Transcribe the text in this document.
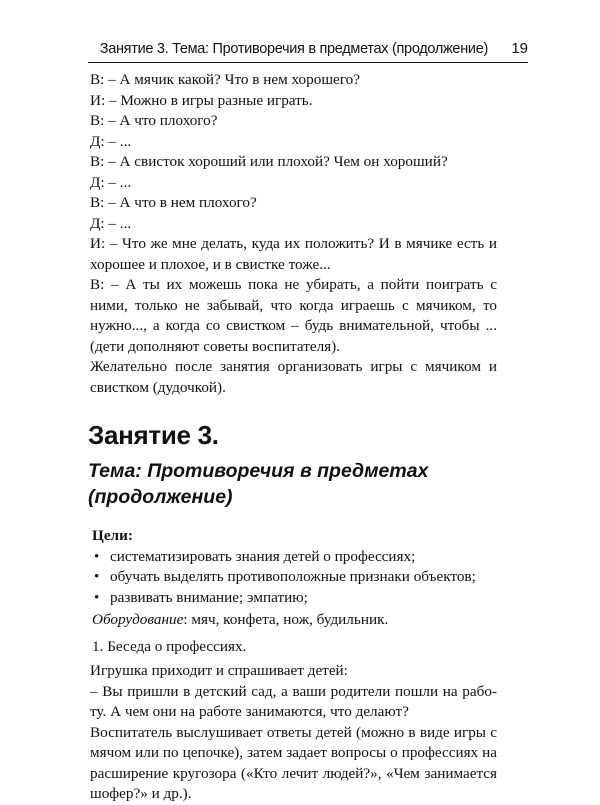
Занятие 3. Тема: Противоречия в предметах (продолжение) 19

В: – А мячик какой? Что в нем хорошего?

И: – Можно в игры разные играть.

В: – А что плохого?

Д: – ...

В: – А свисток хороший или плохой? Чем он хороший?

Д: – ...

В: – А что в нем плохого?

Д: – ...

И: – Что же мне делать, куда их положить? И в мячике есть и хорошее и плохое, и в свистке тоже...

В: – А ты их можешь пока не убирать, а пойти поиграть с ними, только не забывай, что когда играешь с мячиком, то нужно..., а когда со свистком – будь внимательной, чтобы ... (дети дополняют советы воспитателя).

Желательно после занятия организовать игры с мячиком и свистком (дудочкой).

Занятие 3.
Тема: Противоречия в предметах (продолжение)
Цели:
• систематизировать знания детей о профессиях;
• обучать выделять противоположные признаки объектов;
• развивать внимание; эмпатию;

Оборудование: мяч, конфета, нож, будильник.

1. Беседа о профессиях.

Игрушка приходит и спрашивает детей:

– Вы пришли в детский сад, а ваши родители пошли на работу. А чем они на работе занимаются, что делают?

Воспитатель выслушивает ответы детей (можно в виде игры с мячом или по цепочке), затем задает вопросы о профессиях на расширение кругозора («Кто лечит людей?», «Чем занимается шофер?» и др.).
